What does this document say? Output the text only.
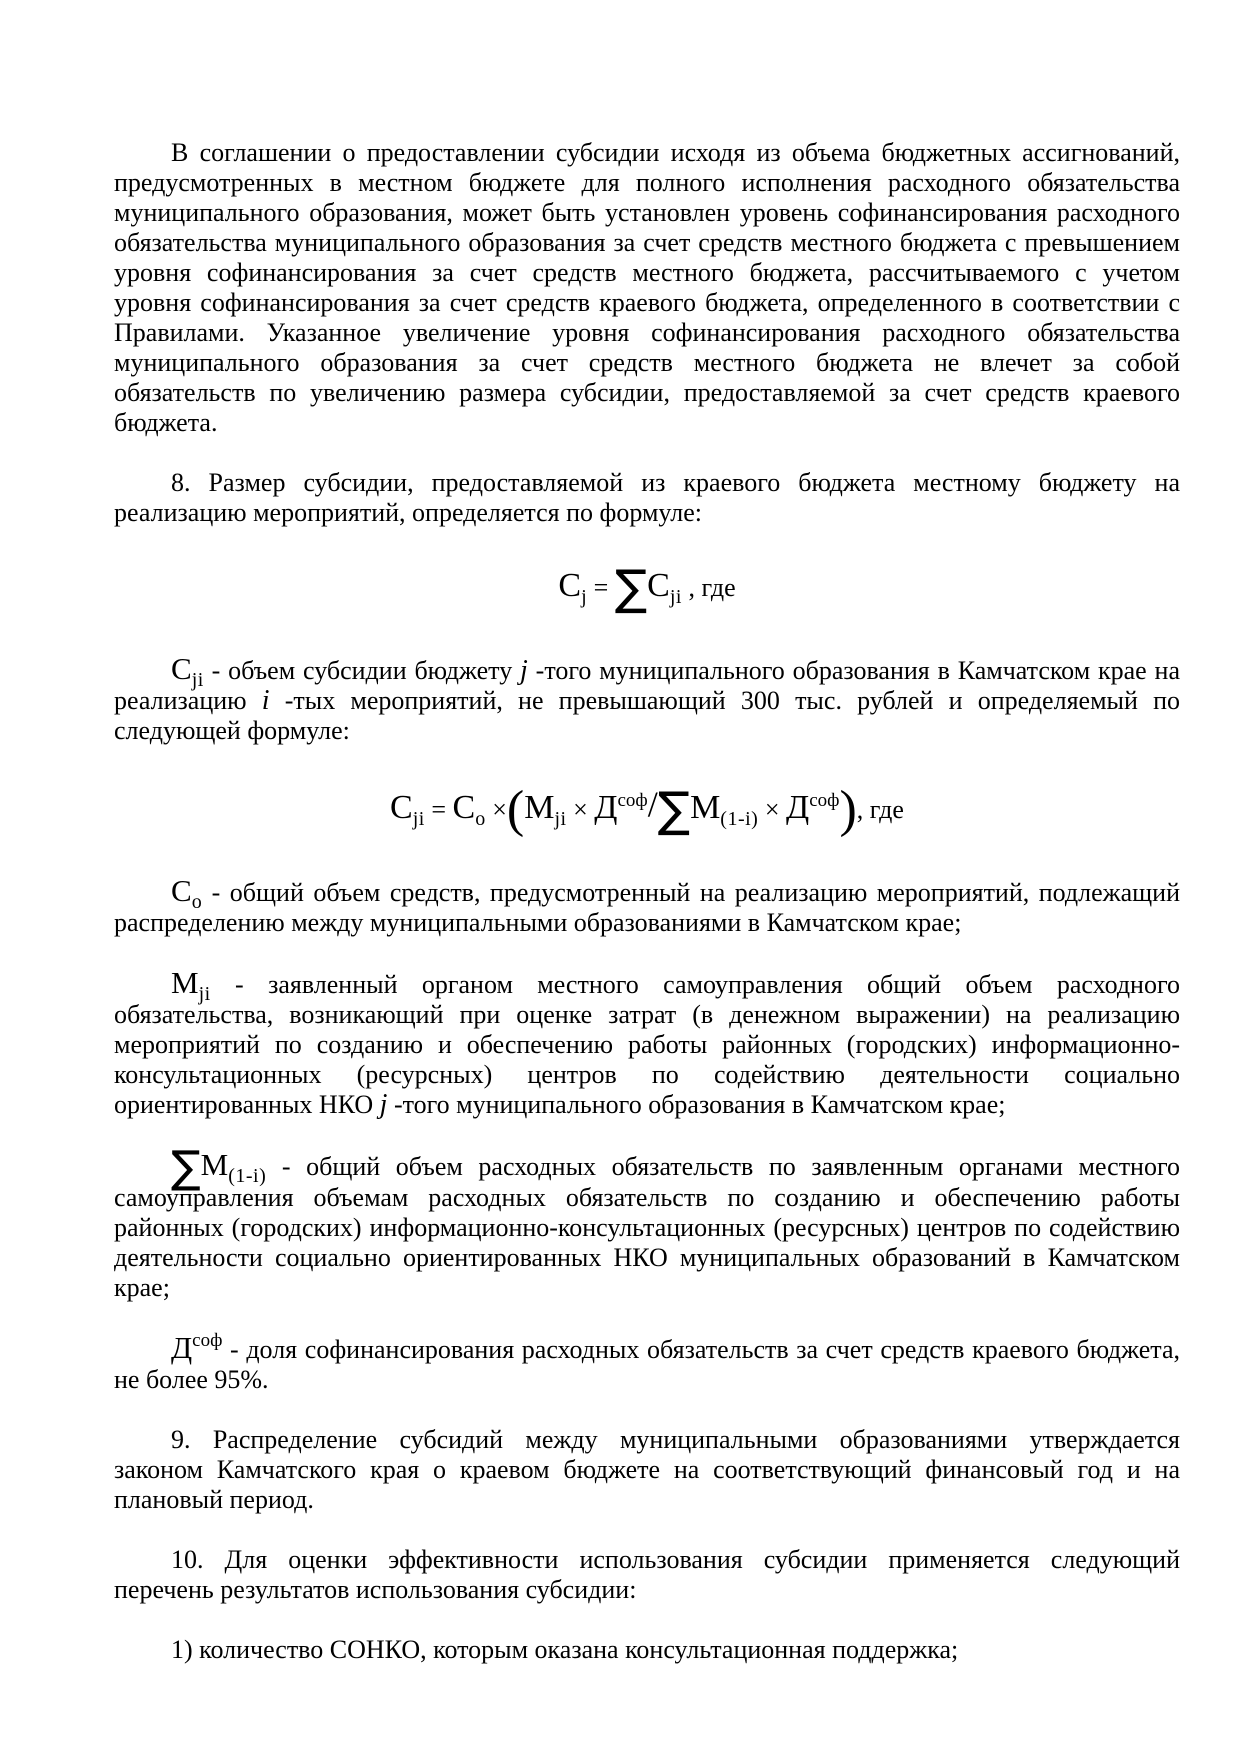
В соглашении о предоставлении субсидии исходя из объема бюджетных ассигнований, предусмотренных в местном бюджете для полного исполнения расходного обязательства муниципального образования, может быть установлен уровень софинансирования расходного обязательства муниципального образования за счет средств местного бюджета с превышением уровня софинансирования за счет средств местного бюджета, рассчитываемого с учетом уровня софинансирования за счет средств краевого бюджета, определенного в соответствии с Правилами. Указанное увеличение уровня софинансирования расходного обязательства муниципального образования за счет средств местного бюджета не влечет за собой обязательств по увеличению размера субсидии, предоставляемой за счет средств краевого бюджета.
8. Размер субсидии, предоставляемой из краевого бюджета местному бюджету на реализацию мероприятий, определяется по формуле:
$C_j = \sum C_{ji}$ , где
$C_{ji}$ - объем субсидии бюджету j -того муниципального образования в Камчатском крае на реализацию i -тых мероприятий, не превышающий 300 тыс. рублей и определяемый по следующей формуле:
$C_{ji} = C_o \times(M_{ji} \times Д^{соф}/\sum M_{(1-i)} \times Д^{соф})$, где
$C_o$ - общий объем средств, предусмотренный на реализацию мероприятий, подлежащий распределению между муниципальными образованиями в Камчатском крае;
$M_{ji}$ - заявленный органом местного самоуправления общий объем расходного обязательства, возникающий при оценке затрат (в денежном выражении) на реализацию мероприятий по созданию и обеспечению работы районных (городских) информационно-консультационных (ресурсных) центров по содействию деятельности социально ориентированных НКО j -того муниципального образования в Камчатском крае;
$\sum M_{(1-i)}$ - общий объем расходных обязательств по заявленным органами местного самоуправления объемам расходных обязательств по созданию и обеспечению работы районных (городских) информационно-консультационных (ресурсных) центров по содействию деятельности социально ориентированных НКО муниципальных образований в Камчатском крае;
$Д^{соф}$ - доля софинансирования расходных обязательств за счет средств краевого бюджета, не более 95%.
9. Распределение субсидий между муниципальными образованиями утверждается законом Камчатского края о краевом бюджете на соответствующий финансовый год и на плановый период.
10. Для оценки эффективности использования субсидии применяется следующий перечень результатов использования субсидии:
1) количество СОНКО, которым оказана консультационная поддержка;
